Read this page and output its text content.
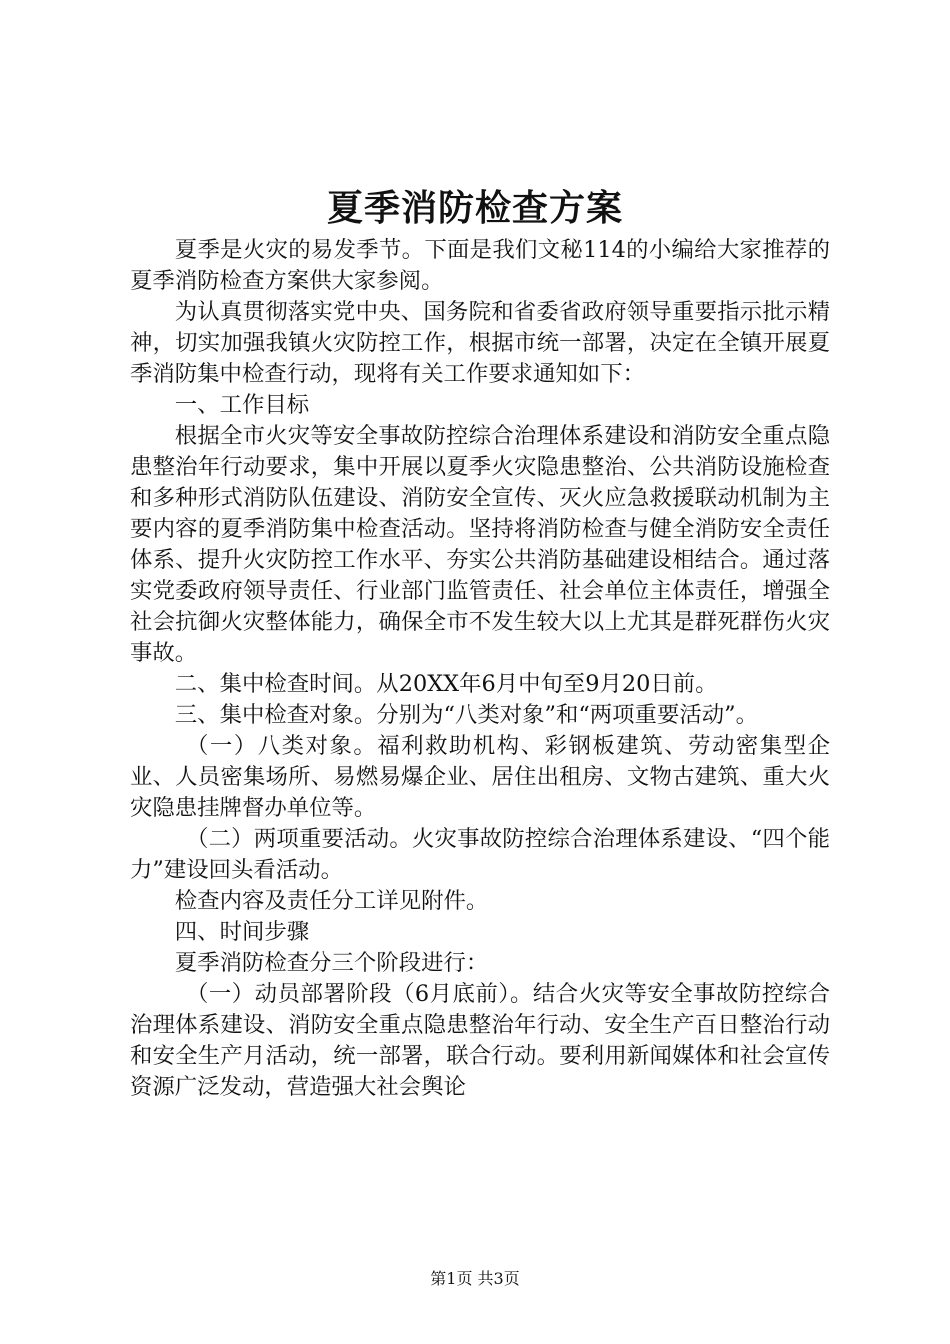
夏季消防检查方案

夏季是火灾的易发季节。下面是我们文秘114的小编给大家推荐的夏季消防检查方案供大家参阅。

为认真贯彻落实党中央、国务院和省委省政府领导重要指示批示精神，切实加强我镇火灾防控工作，根据市统一部署，决定在全镇开展夏季消防集中检查行动，现将有关工作要求通知如下：

一、工作目标

根据全市火灾等安全事故防控综合治理体系建设和消防安全重点隐患整治年行动要求，集中开展以夏季火灾隐患整治、公共消防设施检查和多种形式消防队伍建设、消防安全宣传、灭火应急救援联动机制为主要内容的夏季消防集中检查活动。坚持将消防检查与健全消防安全责任体系、提升火灾防控工作水平、夯实公共消防基础建设相结合。通过落实党委政府领导责任、行业部门监管责任、社会单位主体责任，增强全社会抗御火灾整体能力，确保全市不发生较大以上尤其是群死群伤火灾事故。

二、集中检查时间。从20XX年6月中旬至9月20日前。

三、集中检查对象。分别为“八类对象”和“两项重要活动”。

（一）八类对象。福利救助机构、彩钢板建筑、劳动密集型企业、人员密集场所、易燃易爆企业、居住出租房、文物古建筑、重大火灾隐患挂牌督办单位等。

（二）两项重要活动。火灾事故防控综合治理体系建设、“四个能力”建设回头看活动。

检查内容及责任分工详见附件。

四、时间步骤

夏季消防检查分三个阶段进行：

（一）动员部署阶段（6月底前）。结合火灾等安全事故防控综合治理体系建设、消防安全重点隐患整治年行动、安全生产百日整治行动和安全生产月活动，统一部署，联合行动。要利用新闻媒体和社会宣传资源广泛发动，营造强大社会舆论

第1页 共3页
